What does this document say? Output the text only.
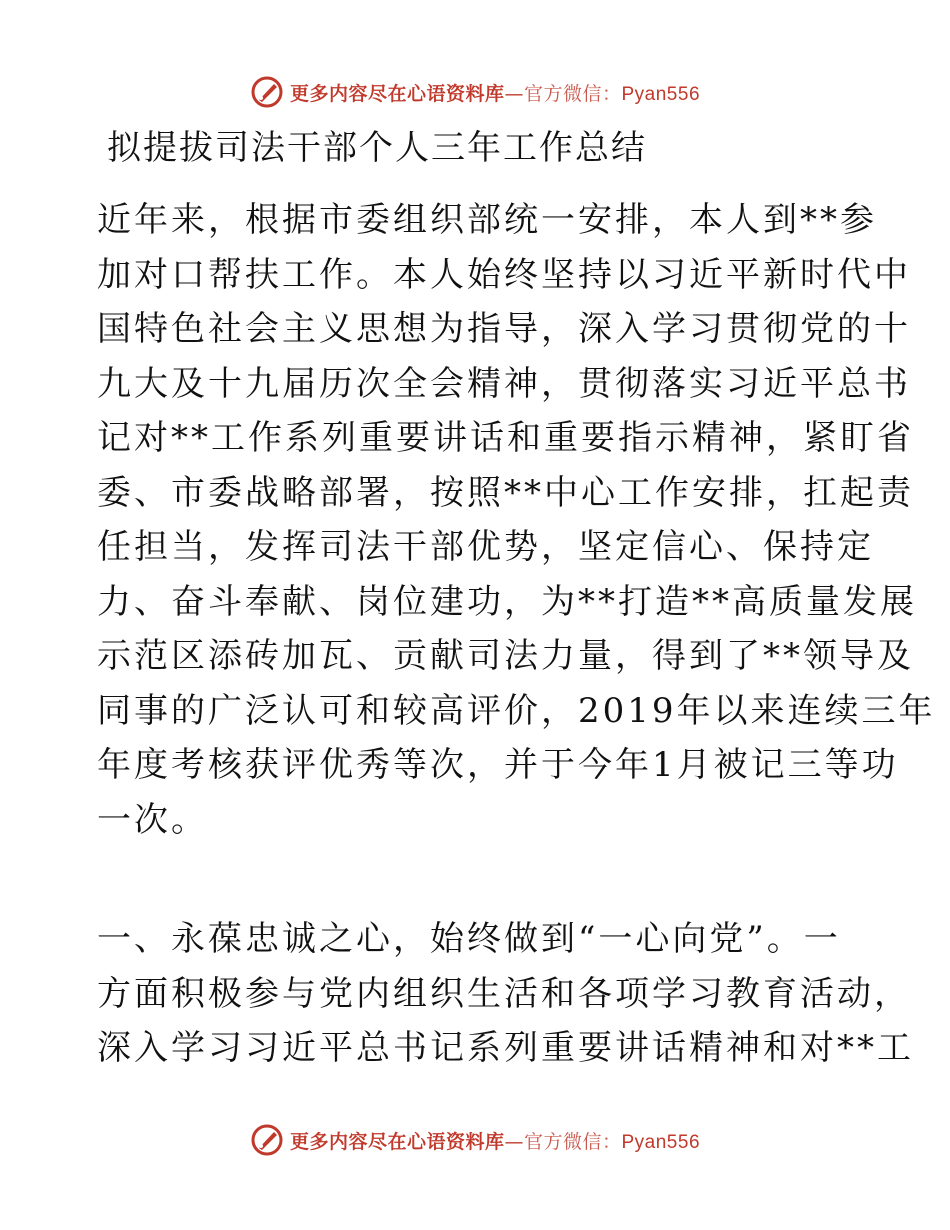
更多内容尽在心语资料库—官方微信：Pyan556
拟提拔司法干部个人三年工作总结
近年来，根据市委组织部统一安排，本人到**参
加对口帮扶工作。本人始终坚持以习近平新时代中
国特色社会主义思想为指导，深入学习贯彻党的十
九大及十九届历次全会精神，贯彻落实习近平总书
记对**工作系列重要讲话和重要指示精神，紧盯省
委、市委战略部署，按照**中心工作安排，扛起责
任担当，发挥司法干部优势，坚定信心、保持定
力、奋斗奉献、岗位建功，为**打造**高质量发展
示范区添砖加瓦、贡献司法力量，得到了**领导及
同事的广泛认可和较高评价，2019年以来连续三年
年度考核获评优秀等次，并于今年1月被记三等功
一次。
一、永葆忠诚之心，始终做到“一心向党”。一
方面积极参与党内组织生活和各项学习教育活动，
深入学习习近平总书记系列重要讲话精神和对**工
更多内容尽在心语资料库—官方微信：Pyan556
